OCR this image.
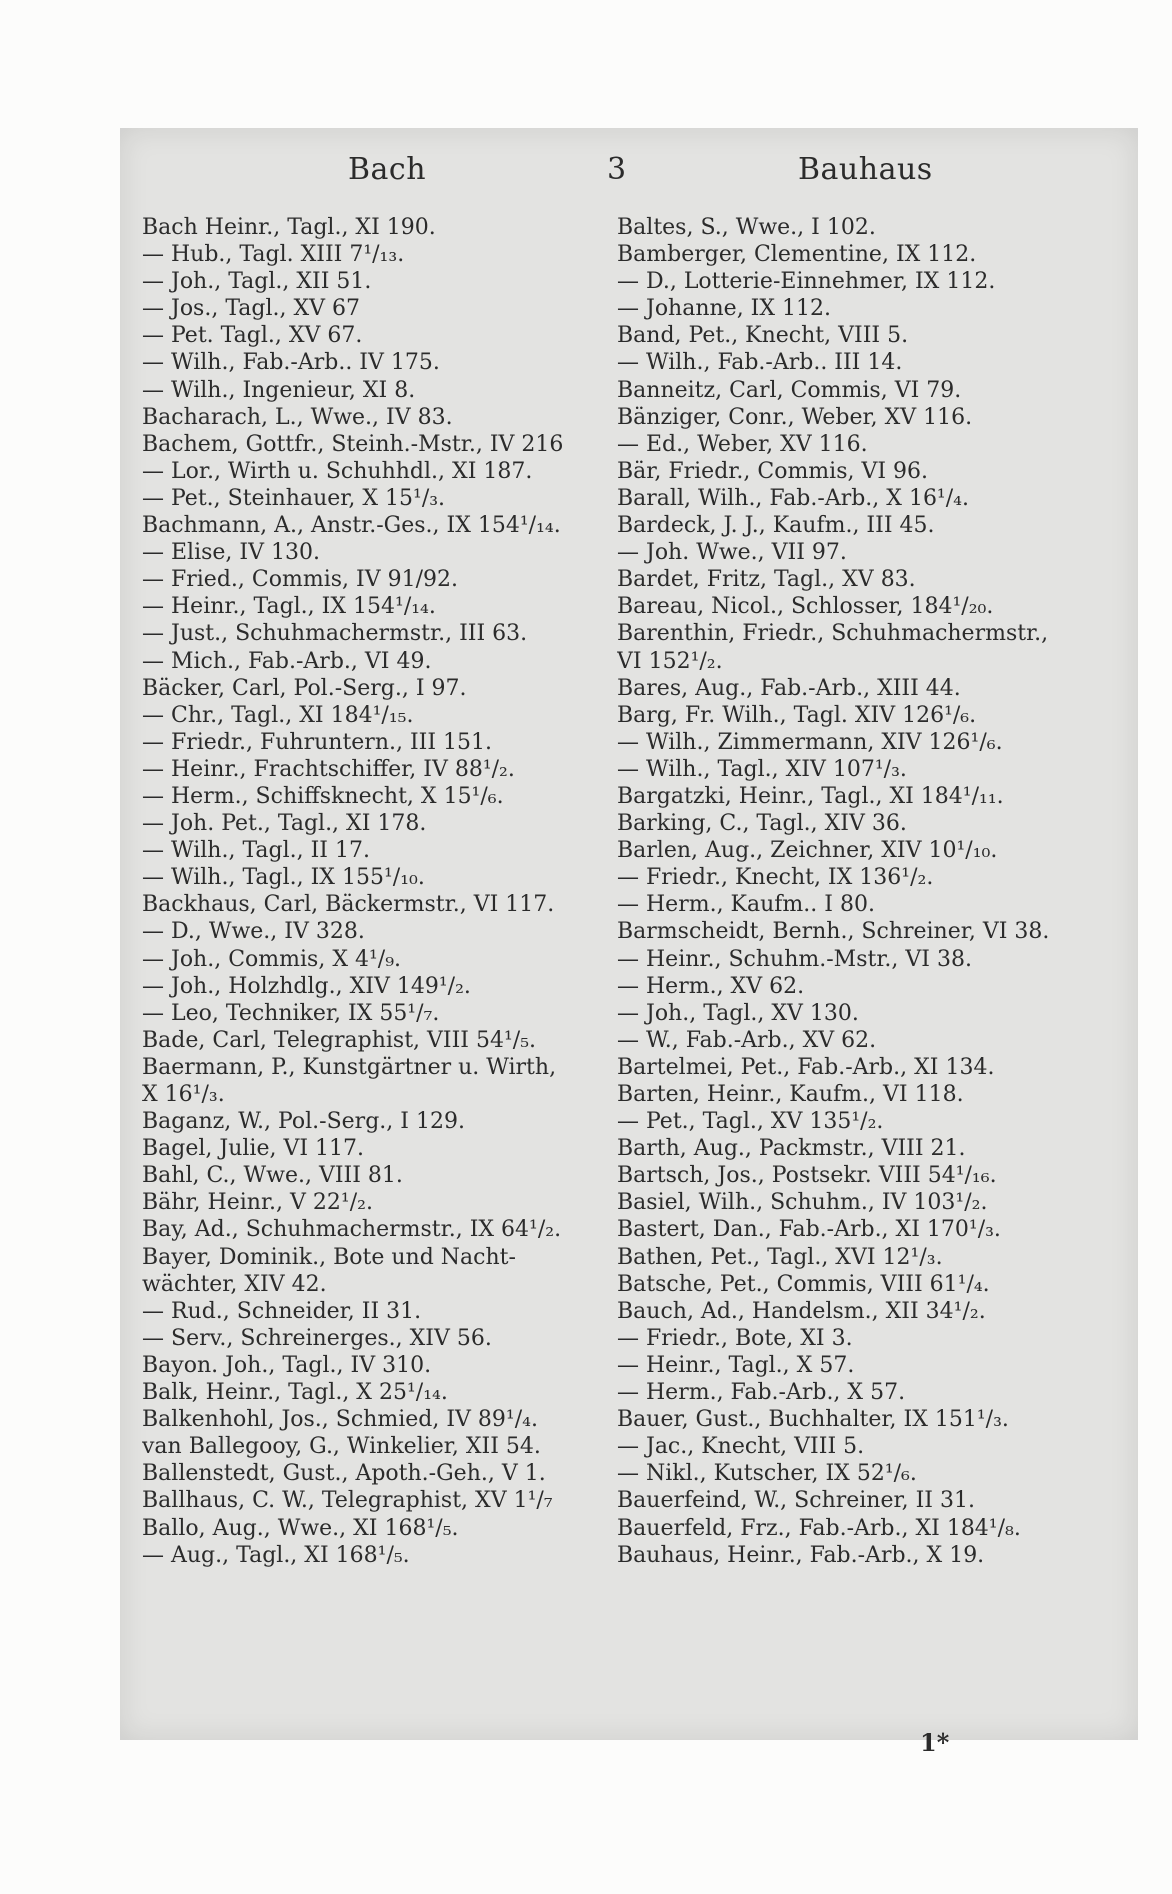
Bach	3	Bauhaus
Bach Heinr., Tagl., XI 190.
— Hub., Tagl. XIII 7¹/₁₃.
— Joh., Tagl., XII 51.
— Jos., Tagl., XV 67
— Pet. Tagl., XV 67.
— Wilh., Fab.-Arb.. IV 175.
— Wilh., Ingenieur, XI 8.
Bacharach, L., Wwe., IV 83.
Bachem, Gottfr., Steinh.-Mstr., IV 216
— Lor., Wirth u. Schuhhdl., XI 187.
— Pet., Steinhauer, X 15¹/₃.
Bachmann, A., Anstr.-Ges., IX 154¹/₁₄.
— Elise, IV 130.
— Fried., Commis, IV 91/92.
— Heinr., Tagl., IX 154¹/₁₄.
— Just., Schuhmachermstr., III 63.
— Mich., Fab.-Arb., VI 49.
Bäcker, Carl, Pol.-Serg., I 97.
— Chr., Tagl., XI 184¹/₁₅.
— Friedr., Fuhruntern., III 151.
— Heinr., Frachtschiffer, IV 88¹/₂.
— Herm., Schiffsknecht, X 15¹/₆.
— Joh. Pet., Tagl., XI 178.
— Wilh., Tagl., II 17.
— Wilh., Tagl., IX 155¹/₁₀.
Backhaus, Carl, Bäckermstr., VI 117.
— D., Wwe., IV 328.
— Joh., Commis, X 4¹/₉.
— Joh., Holzhdlg., XIV 149¹/₂.
— Leo, Techniker, IX 55¹/₇.
Bade, Carl, Telegraphist, VIII 54¹/₅.
Baermann, P., Kunstgärtner u. Wirth,
X 16¹/₃.
Baganz, W., Pol.-Serg., I 129.
Bagel, Julie, VI 117.
Bahl, C., Wwe., VIII 81.
Bähr, Heinr., V 22¹/₂.
Bay, Ad., Schuhmachermstr., IX 64¹/₂.
Bayer, Dominik., Bote und Nacht-
wächter, XIV 42.
— Rud., Schneider, II 31.
— Serv., Schreinerges., XIV 56.
Bayon. Joh., Tagl., IV 310.
Balk, Heinr., Tagl., X 25¹/₁₄.
Balkenhohl, Jos., Schmied, IV 89¹/₄.
van Ballegooy, G., Winkelier, XII 54.
Ballenstedt, Gust., Apoth.-Geh., V 1.
Ballhaus, C. W., Telegraphist, XV 1¹/₇
Ballo, Aug., Wwe., XI 168¹/₅.
— Aug., Tagl., XI 168¹/₅.
Baltes, S., Wwe., I 102.
Bamberger, Clementine, IX 112.
— D., Lotterie-Einnehmer, IX 112.
— Johanne, IX 112.
Band, Pet., Knecht, VIII 5.
— Wilh., Fab.-Arb.. III 14.
Banneitz, Carl, Commis, VI 79.
Bänziger, Conr., Weber, XV 116.
— Ed., Weber, XV 116.
Bär, Friedr., Commis, VI 96.
Barall, Wilh., Fab.-Arb., X 16¹/₄.
Bardeck, J. J., Kaufm., III 45.
— Joh. Wwe., VII 97.
Bardet, Fritz, Tagl., XV 83.
Bareau, Nicol., Schlosser, 184¹/₂₀.
Barenthin, Friedr., Schuhmachermstr.,
VI 152¹/₂.
Bares, Aug., Fab.-Arb., XIII 44.
Barg, Fr. Wilh., Tagl. XIV 126¹/₆.
— Wilh., Zimmermann, XIV 126¹/₆.
— Wilh., Tagl., XIV 107¹/₃.
Bargatzki, Heinr., Tagl., XI 184¹/₁₁.
Barking, C., Tagl., XIV 36.
Barlen, Aug., Zeichner, XIV 10¹/₁₀.
— Friedr., Knecht, IX 136¹/₂.
— Herm., Kaufm.. I 80.
Barmscheidt, Bernh., Schreiner, VI 38.
— Heinr., Schuhm.-Mstr., VI 38.
— Herm., XV 62.
— Joh., Tagl., XV 130.
— W., Fab.-Arb., XV 62.
Bartelmei, Pet., Fab.-Arb., XI 134.
Barten, Heinr., Kaufm., VI 118.
— Pet., Tagl., XV 135¹/₂.
Barth, Aug., Packmstr., VIII 21.
Bartsch, Jos., Postsekr. VIII 54¹/₁₆.
Basiel, Wilh., Schuhm., IV 103¹/₂.
Bastert, Dan., Fab.-Arb., XI 170¹/₃.
Bathen, Pet., Tagl., XVI 12¹/₃.
Batsche, Pet., Commis, VIII 61¹/₄.
Bauch, Ad., Handelsm., XII 34¹/₂.
— Friedr., Bote, XI 3.
— Heinr., Tagl., X 57.
— Herm., Fab.-Arb., X 57.
Bauer, Gust., Buchhalter, IX 151¹/₃.
— Jac., Knecht, VIII 5.
— Nikl., Kutscher, IX 52¹/₆.
Bauerfeind, W., Schreiner, II 31.
Bauerfeld, Frz., Fab.-Arb., XI 184¹/₈.
Bauhaus, Heinr., Fab.-Arb., X 19.
1*
